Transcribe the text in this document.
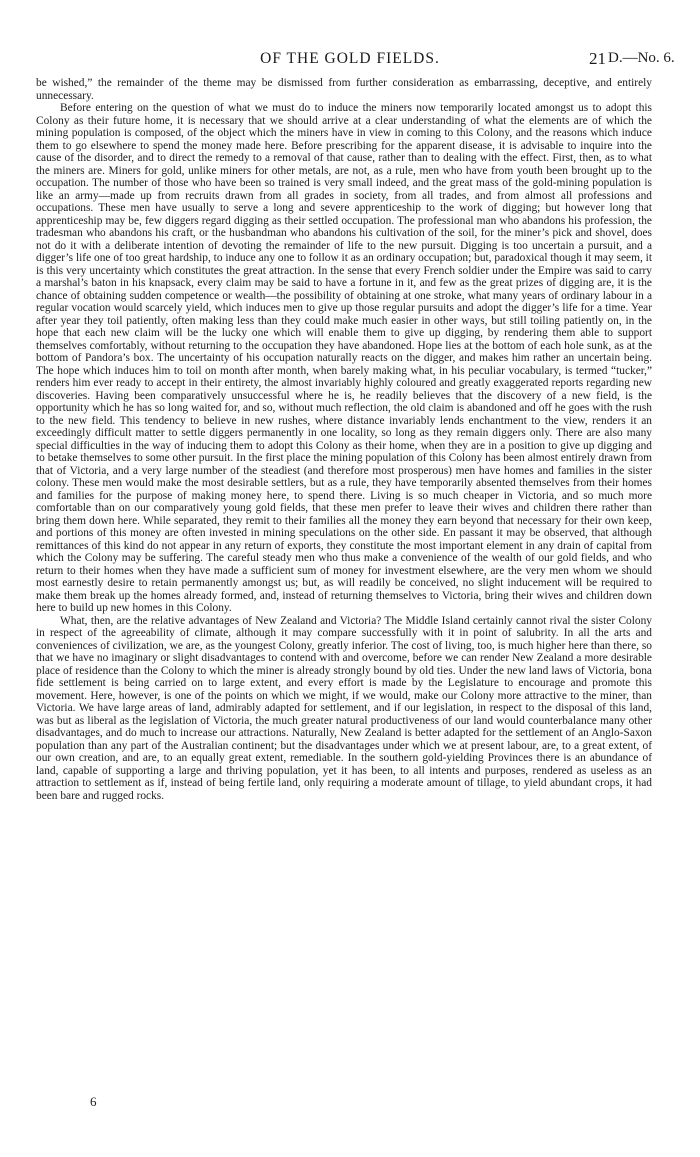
OF THE GOLD FIELDS.	21 D.—No. 6.

be wished,” the remainder of the theme may be dismissed from further consideration as embarrassing, deceptive, and entirely unnecessary.

Before entering on the question of what we must do to induce the miners now temporarily located amongst us to adopt this Colony as their future home, it is necessary that we should arrive at a clear understanding of what the elements are of which the mining population is composed, of the object which the miners have in view in coming to this Colony, and the reasons which induce them to go elsewhere to spend the money made here. Before prescribing for the apparent disease, it is advisable to inquire into the cause of the disorder, and to direct the remedy to a removal of that cause, rather than to dealing with the effect. First, then, as to what the miners are. Miners for gold, unlike miners for other metals, are not, as a rule, men who have from youth been brought up to the occupation. The number of those who have been so trained is very small indeed, and the great mass of the gold-mining population is like an army—made up from recruits drawn from all grades in society, from all trades, and from almost all professions and occupations. These men have usually to serve a long and severe apprenticeship to the work of digging; but however long that apprenticeship may be, few diggers regard digging as their settled occupation. The professional man who abandons his profession, the tradesman who abandons his craft, or the husbandman who abandons his cultivation of the soil, for the miner’s pick and shovel, does not do it with a deliberate intention of devoting the remainder of life to the new pursuit. Digging is too uncertain a pursuit, and a digger’s life one of too great hardship, to induce any one to follow it as an ordinary occupation; but, paradoxical though it may seem, it is this very uncertainty which constitutes the great attraction. In the sense that every French soldier under the Empire was said to carry a marshal’s baton in his knapsack, every claim may be said to have a fortune in it, and few as the great prizes of digging are, it is the chance of obtaining sudden competence or wealth—the possibility of obtaining at one stroke, what many years of ordinary labour in a regular vocation would scarcely yield, which induces men to give up those regular pursuits and adopt the digger’s life for a time. Year after year they toil patiently, often making less than they could make much easier in other ways, but still toiling patiently on, in the hope that each new claim will be the lucky one which will enable them to give up digging, by rendering them able to support themselves comfortably, without returning to the occupation they have abandoned. Hope lies at the bottom of each hole sunk, as at the bottom of Pandora’s box. The uncertainty of his occupation naturally reacts on the digger, and makes him rather an uncertain being. The hope which induces him to toil on month after month, when barely making what, in his peculiar vocabulary, is termed “tucker,” renders him ever ready to accept in their entirety, the almost invariably highly coloured and greatly exaggerated reports regarding new discoveries. Having been comparatively unsuccessful where he is, he readily believes that the discovery of a new field, is the opportunity which he has so long waited for, and so, without much reflection, the old claim is abandoned and off he goes with the rush to the new field. This tendency to believe in new rushes, where distance invariably lends enchantment to the view, renders it an exceedingly difficult matter to settle diggers permanently in one locality, so long as they remain diggers only. There are also many special difficulties in the way of inducing them to adopt this Colony as their home, when they are in a position to give up digging and to betake themselves to some other pursuit. In the first place the mining population of this Colony has been almost entirely drawn from that of Victoria, and a very large number of the steadiest (and therefore most prosperous) men have homes and families in the sister colony. These men would make the most desirable settlers, but as a rule, they have temporarily absented themselves from their homes and families for the purpose of making money here, to spend there. Living is so much cheaper in Victoria, and so much more comfortable than on our comparatively young gold fields, that these men prefer to leave their wives and children there rather than bring them down here. While separated, they remit to their families all the money they earn beyond that necessary for their own keep, and portions of this money are often invested in mining speculations on the other side. En passant it may be observed, that although remittances of this kind do not appear in any return of exports, they constitute the most important element in any drain of capital from which the Colony may be suffering. The careful steady men who thus make a convenience of the wealth of our gold fields, and who return to their homes when they have made a sufficient sum of money for investment elsewhere, are the very men whom we should most earnestly desire to retain permanently amongst us; but, as will readily be conceived, no slight inducement will be required to make them break up the homes already formed, and, instead of returning themselves to Victoria, bring their wives and children down here to build up new homes in this Colony.

What, then, are the relative advantages of New Zealand and Victoria? The Middle Island certainly cannot rival the sister Colony in respect of the agreeability of climate, although it may compare successfully with it in point of salubrity. In all the arts and conveniences of civilization, we are, as the youngest Colony, greatly inferior. The cost of living, too, is much higher here than there, so that we have no imaginary or slight disadvantages to contend with and overcome, before we can render New Zealand a more desirable place of residence than the Colony to which the miner is already strongly bound by old ties. Under the new land laws of Victoria, bona fide settlement is being carried on to large extent, and every effort is made by the Legislature to encourage and promote this movement. Here, however, is one of the points on which we might, if we would, make our Colony more attractive to the miner, than Victoria. We have large areas of land, admirably adapted for settlement, and if our legislation, in respect to the disposal of this land, was but as liberal as the legislation of Victoria, the much greater natural productiveness of our land would counterbalance many other disadvantages, and do much to increase our attractions. Naturally, New Zealand is better adapted for the settlement of an Anglo-Saxon population than any part of the Australian continent; but the disadvantages under which we at present labour, are, to a great extent, of our own creation, and are, to an equally great extent, remediable. In the southern gold-yielding Provinces there is an abundance of land, capable of supporting a large and thriving population, yet it has been, to all intents and purposes, rendered as useless as an attraction to settlement as if, instead of being fertile land, only requiring a moderate amount of tillage, to yield abundant crops, it had been bare and rugged rocks.

6
